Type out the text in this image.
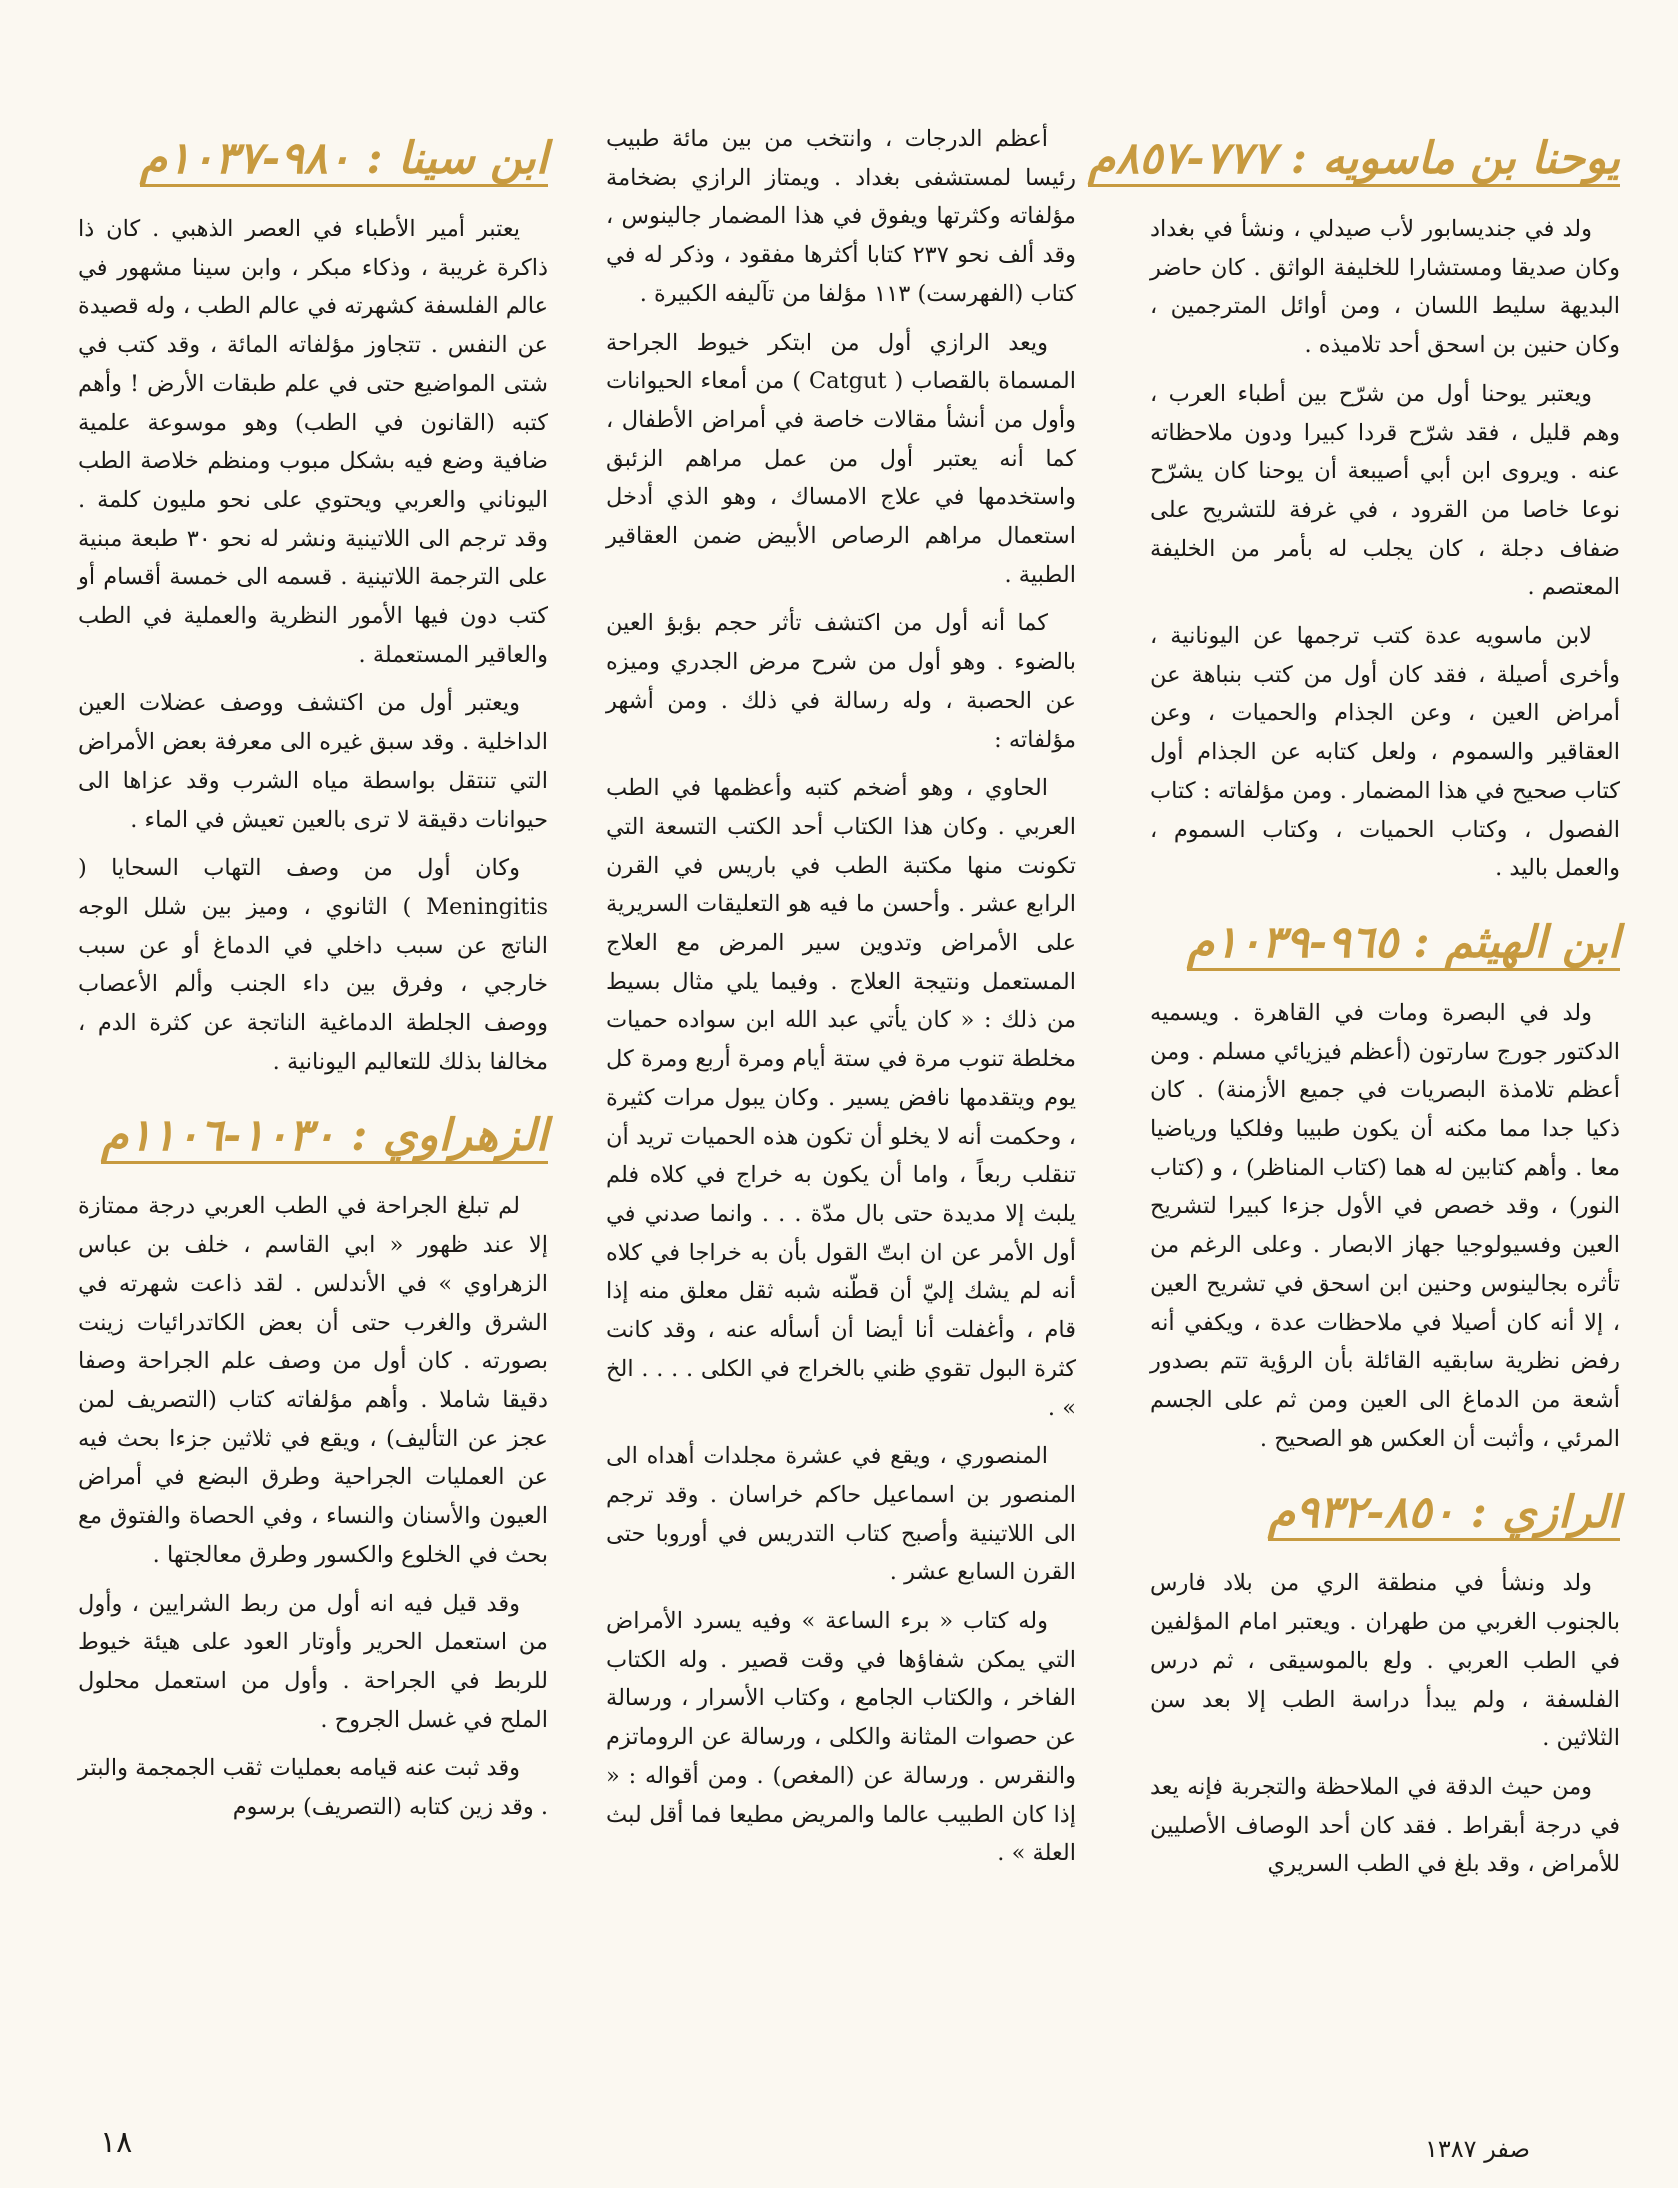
يوحنا بن ماسويه : ٧٧٧-٨٥٧م

ولد في جنديسابور لأب صيدلي ، ونشأ في بغداد وكان صديقا ومستشارا للخليفة الواثق . كان حاضر البديهة سليط اللسان ، ومن أوائل المترجمين ، وكان حنين بن اسحق أحد تلاميذه .

ويعتبر يوحنا أول من شرّح بين أطباء العرب ، وهم قليل ، فقد شرّح قردا كبيرا ودون ملاحظاته عنه . ويروى ابن أبي أصيبعة أن يوحنا كان يشرّح نوعا خاصا من القرود ، في غرفة للتشريح على ضفاف دجلة ، كان يجلب له بأمر من الخليفة المعتصم .

لابن ماسويه عدة كتب ترجمها عن اليونانية ، وأخرى أصيلة ، فقد كان أول من كتب بنباهة عن أمراض العين ، وعن الجذام والحميات ، وعن العقاقير والسموم ، ولعل كتابه عن الجذام أول كتاب صحيح في هذا المضمار . ومن مؤلفاته : كتاب الفصول ، وكتاب الحميات ، وكتاب السموم ، والعمل باليد .

ابن الهيثم : ٩٦٥-١٠٣٩م

ولد في البصرة ومات في القاهرة . ويسميه الدكتور جورج سارتون (أعظم فيزيائي مسلم . ومن أعظم تلامذة البصريات في جميع الأزمنة) . كان ذكيا جدا مما مكنه أن يكون طبيبا وفلكيا ورياضيا معا . وأهم كتابين له هما (كتاب المناظر) ، و (كتاب النور) ، وقد خصص في الأول جزءا كبيرا لتشريح العين وفسيولوجيا جهاز الابصار . وعلى الرغم من تأثره بجالينوس وحنين ابن اسحق في تشريح العين ، إلا أنه كان أصيلا في ملاحظات عدة ، ويكفي أنه رفض نظرية سابقيه القائلة بأن الرؤية تتم بصدور أشعة من الدماغ الى العين ومن ثم على الجسم المرئي ، وأثبت أن العكس هو الصحيح .

الرازي : ٨٥٠-٩٣٢م

ولد ونشأ في منطقة الري من بلاد فارس بالجنوب الغربي من طهران . ويعتبر امام المؤلفين في الطب العربي . ولع بالموسيقى ، ثم درس الفلسفة ، ولم يبدأ دراسة الطب إلا بعد سن الثلاثين .

ومن حيث الدقة في الملاحظة والتجربة فإنه يعد في درجة أبقراط . فقد كان أحد الوصاف الأصليين للأمراض ، وقد بلغ في الطب السريري

أعظم الدرجات ، وانتخب من بين مائة طبيب رئيسا لمستشفى بغداد . ويمتاز الرازي بضخامة مؤلفاته وكثرتها ويفوق في هذا المضمار جالينوس ، وقد ألف نحو ٢٣٧ كتابا أكثرها مفقود ، وذكر له في كتاب (الفهرست) ١١٣ مؤلفا من تآليفه الكبيرة .

ويعد الرازي أول من ابتكر خيوط الجراحة المسماة بالقصاب ( Catgut ) من أمعاء الحيوانات وأول من أنشأ مقالات خاصة في أمراض الأطفال ، كما أنه يعتبر أول من عمل مراهم الزئبق واستخدمها في علاج الامساك ، وهو الذي أدخل استعمال مراهم الرصاص الأبيض ضمن العقاقير الطبية .

كما أنه أول من اكتشف تأثر حجم بؤبؤ العين بالضوء . وهو أول من شرح مرض الجدري وميزه عن الحصبة ، وله رسالة في ذلك . ومن أشهر مؤلفاته :

الحاوي ، وهو أضخم كتبه وأعظمها في الطب العربي . وكان هذا الكتاب أحد الكتب التسعة التي تكونت منها مكتبة الطب في باريس في القرن الرابع عشر . وأحسن ما فيه هو التعليقات السريرية على الأمراض وتدوين سير المرض مع العلاج المستعمل ونتيجة العلاج . وفيما يلي مثال بسيط من ذلك : « كان يأتي عبد الله ابن سواده حميات مخلطة تنوب مرة في ستة أيام ومرة أربع ومرة كل يوم ويتقدمها نافض يسير . وكان يبول مرات كثيرة ، وحكمت أنه لا يخلو أن تكون هذه الحميات تريد أن تنقلب ربعاً ، واما أن يكون به خراج في كلاه فلم يلبث إلا مديدة حتى بال مدّة . . . وانما صدني في أول الأمر عن ان ابتّ القول بأن به خراجا في كلاه أنه لم يشك إليّ أن قطّنه شبه ثقل معلق منه إذا قام ، وأغفلت أنا أيضا أن أسأله عنه ، وقد كانت كثرة البول تقوي ظني بالخراج في الكلى . . . . الخ » .

المنصوري ، ويقع في عشرة مجلدات أهداه الى المنصور بن اسماعيل حاكم خراسان . وقد ترجم الى اللاتينية وأصبح كتاب التدريس في أوروبا حتى القرن السابع عشر .

وله كتاب « برء الساعة » وفيه يسرد الأمراض التي يمكن شفاؤها في وقت قصير . وله الكتاب الفاخر ، والكتاب الجامع ، وكتاب الأسرار ، ورسالة عن حصوات المثانة والكلى ، ورسالة عن الروماتزم والنقرس . ورسالة عن (المغص) . ومن أقواله : « إذا كان الطبيب عالما والمريض مطيعا فما أقل لبث العلة » .

ابن سينا : ٩٨٠-١٠٣٧م

يعتبر أمير الأطباء في العصر الذهبي . كان ذا ذاكرة غريبة ، وذكاء مبكر ، وابن سينا مشهور في عالم الفلسفة كشهرته في عالم الطب ، وله قصيدة عن النفس . تتجاوز مؤلفاته المائة ، وقد كتب في شتى المواضيع حتى في علم طبقات الأرض ! وأهم كتبه (القانون في الطب) وهو موسوعة علمية ضافية وضع فيه بشكل مبوب ومنظم خلاصة الطب اليوناني والعربي ويحتوي على نحو مليون كلمة . وقد ترجم الى اللاتينية ونشر له نحو ٣٠ طبعة مبنية على الترجمة اللاتينية . قسمه الى خمسة أقسام أو كتب دون فيها الأمور النظرية والعملية في الطب والعاقير المستعملة .

ويعتبر أول من اكتشف ووصف عضلات العين الداخلية . وقد سبق غيره الى معرفة بعض الأمراض التي تنتقل بواسطة مياه الشرب وقد عزاها الى حيوانات دقيقة لا ترى بالعين تعيش في الماء .

وكان أول من وصف التهاب السحايا ( Meningitis ) الثانوي ، وميز بين شلل الوجه الناتج عن سبب داخلي في الدماغ أو عن سبب خارجي ، وفرق بين داء الجنب وألم الأعصاب ووصف الجلطة الدماغية الناتجة عن كثرة الدم ، مخالفا بذلك للتعاليم اليونانية .

الزهراوي : ١٠٣٠-١١٠٦م

لم تبلغ الجراحة في الطب العربي درجة ممتازة إلا عند ظهور « ابي القاسم ، خلف بن عباس الزهراوي » في الأندلس . لقد ذاعت شهرته في الشرق والغرب حتى أن بعض الكاتدرائيات زينت بصورته . كان أول من وصف علم الجراحة وصفا دقيقا شاملا . وأهم مؤلفاته كتاب (التصريف لمن عجز عن التأليف) ، ويقع في ثلاثين جزءا بحث فيه عن العمليات الجراحية وطرق البضع في أمراض العيون والأسنان والنساء ، وفي الحصاة والفتوق مع بحث في الخلوع والكسور وطرق معالجتها .

وقد قيل فيه انه أول من ربط الشرايين ، وأول من استعمل الحرير وأوتار العود على هيئة خيوط للربط في الجراحة . وأول من استعمل محلول الملح في غسل الجروح .

وقد ثبت عنه قيامه بعمليات ثقب الجمجمة والبتر . وقد زين كتابه (التصريف) برسوم

١٨	صفر ١٣٨٧
